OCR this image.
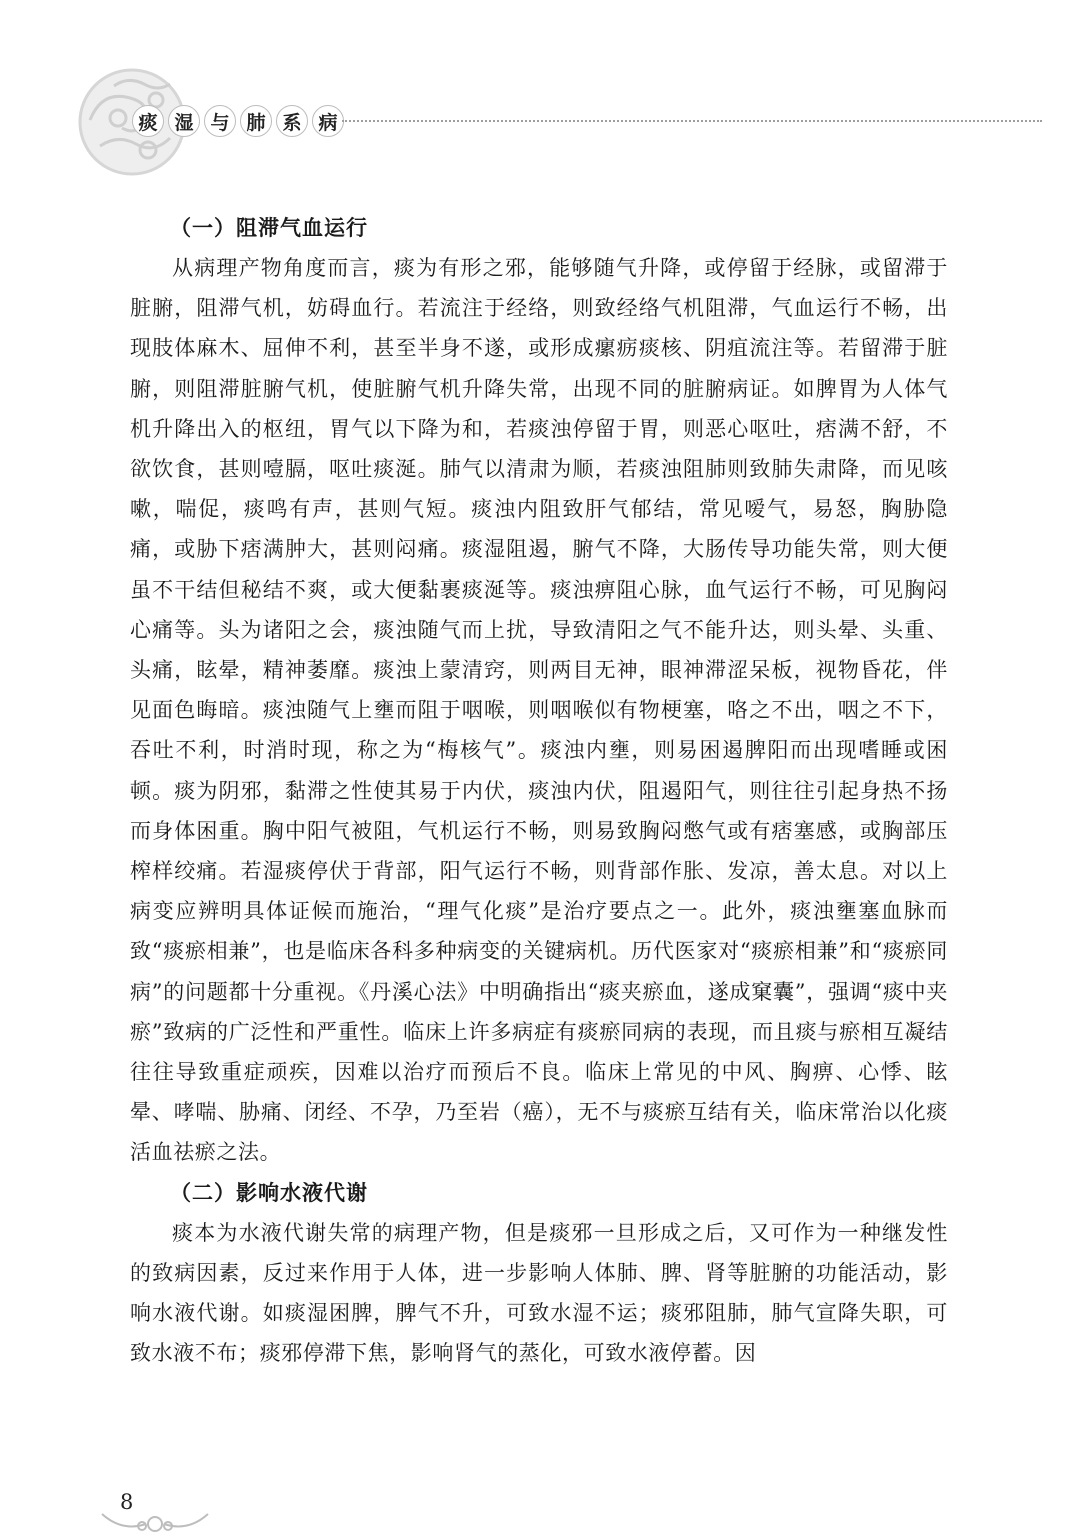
痰 湿 与 肺 系 病
（一）阻滞气血运行

从病理产物角度而言，痰为有形之邪，能够随气升降，或停留于经脉，或留滞于脏腑，阻滞气机，妨碍血行。若流注于经络，则致经络气机阻滞，气血运行不畅，出现肢体麻木、屈伸不利，甚至半身不遂，或形成瘰疬痰核、阴疽流注等。若留滞于脏腑，则阻滞脏腑气机，使脏腑气机升降失常，出现不同的脏腑病证。如脾胃为人体气机升降出入的枢纽，胃气以下降为和，若痰浊停留于胃，则恶心呕吐，痞满不舒，不欲饮食，甚则噎膈，呕吐痰涎。肺气以清肃为顺，若痰浊阻肺则致肺失肃降，而见咳嗽，喘促，痰鸣有声，甚则气短。痰浊内阻致肝气郁结，常见嗳气，易怒，胸胁隐痛，或胁下痞满肿大，甚则闷痛。痰湿阻遏，腑气不降，大肠传导功能失常，则大便虽不干结但秘结不爽，或大便黏裹痰涎等。痰浊痹阻心脉，血气运行不畅，可见胸闷心痛等。头为诸阳之会，痰浊随气而上扰，导致清阳之气不能升达，则头晕、头重、头痛，眩晕，精神萎靡。痰浊上蒙清窍，则两目无神，眼神滞涩呆板，视物昏花，伴见面色晦暗。痰浊随气上壅而阻于咽喉，则咽喉似有物梗塞，咯之不出，咽之不下，吞吐不利，时消时现，称之为“梅核气”。痰浊内壅，则易困遏脾阳而出现嗜睡或困顿。痰为阴邪，黏滞之性使其易于内伏，痰浊内伏，阻遏阳气，则往往引起身热不扬而身体困重。胸中阳气被阻，气机运行不畅，则易致胸闷憋气或有痞塞感，或胸部压榨样绞痛。若湿痰停伏于背部，阳气运行不畅，则背部作胀、发凉，善太息。对以上病变应辨明具体证候而施治，“理气化痰”是治疗要点之一。此外，痰浊壅塞血脉而致“痰瘀相兼”，也是临床各科多种病变的关键病机。历代医家对“痰瘀相兼”和“痰瘀同病”的问题都十分重视。《丹溪心法》中明确指出“痰夹瘀血，遂成窠囊”，强调“痰中夹瘀”致病的广泛性和严重性。临床上许多病症有痰瘀同病的表现，而且痰与瘀相互凝结往往导致重症顽疾，因难以治疗而预后不良。临床上常见的中风、胸痹、心悸、眩晕、哮喘、胁痛、闭经、不孕，乃至岩（癌），无不与痰瘀互结有关，临床常治以化痰活血祛瘀之法。

（二）影响水液代谢

痰本为水液代谢失常的病理产物，但是痰邪一旦形成之后，又可作为一种继发性的致病因素，反过来作用于人体，进一步影响人体肺、脾、肾等脏腑的功能活动，影响水液代谢。如痰湿困脾，脾气不升，可致水湿不运；痰邪阻肺，肺气宣降失职，可致水液不布；痰邪停滞下焦，影响肾气的蒸化，可致水液停蓄。因

8
